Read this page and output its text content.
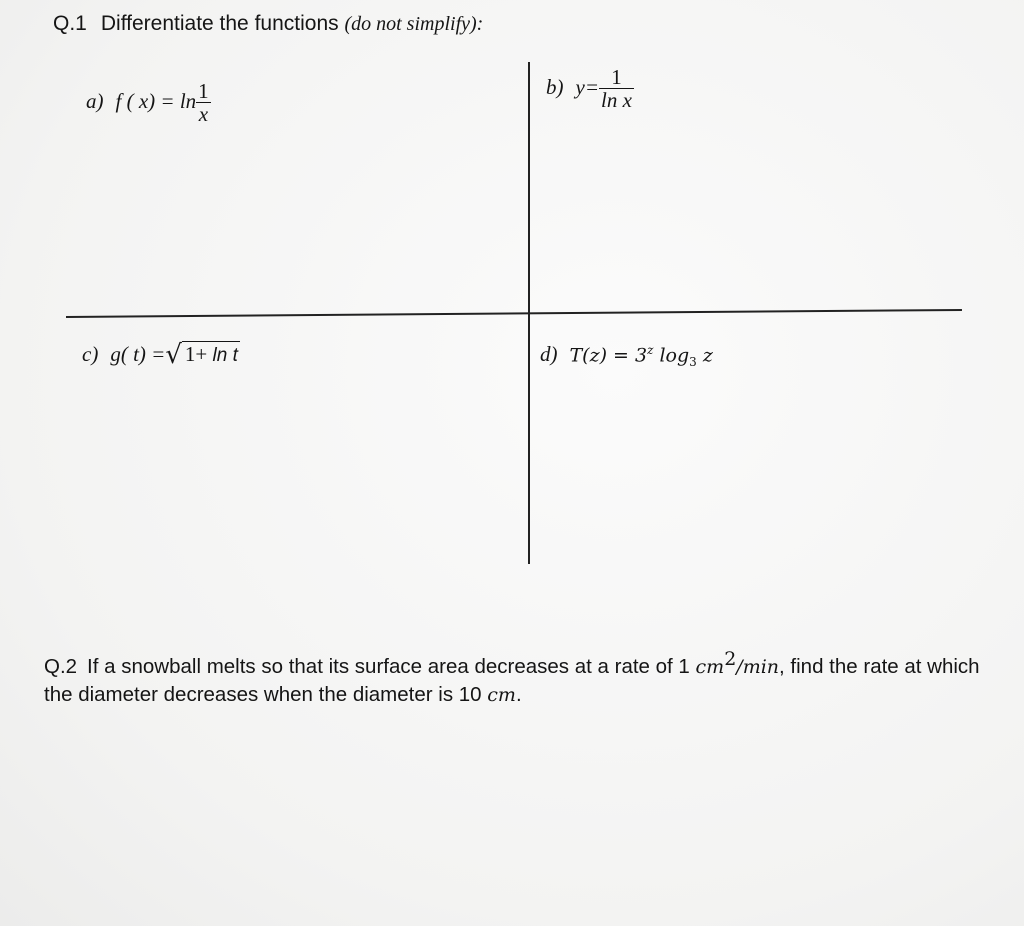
Q.1 Differentiate the functions (do not simplify):
a) f ( $x) = \ln \frac{1}{x}$	b) $y= \frac{1}{\text{ln x}}$
c) g( t) =√ 1+ ln t	d) $T(z) = 3^z$ $\log_3 z$
Q.2 If a snowball melts so that its surface area decreases at a rate of 1 $cm^2/\min$, find the rate at which the diameter decreases when the diameter is 10 cm.
